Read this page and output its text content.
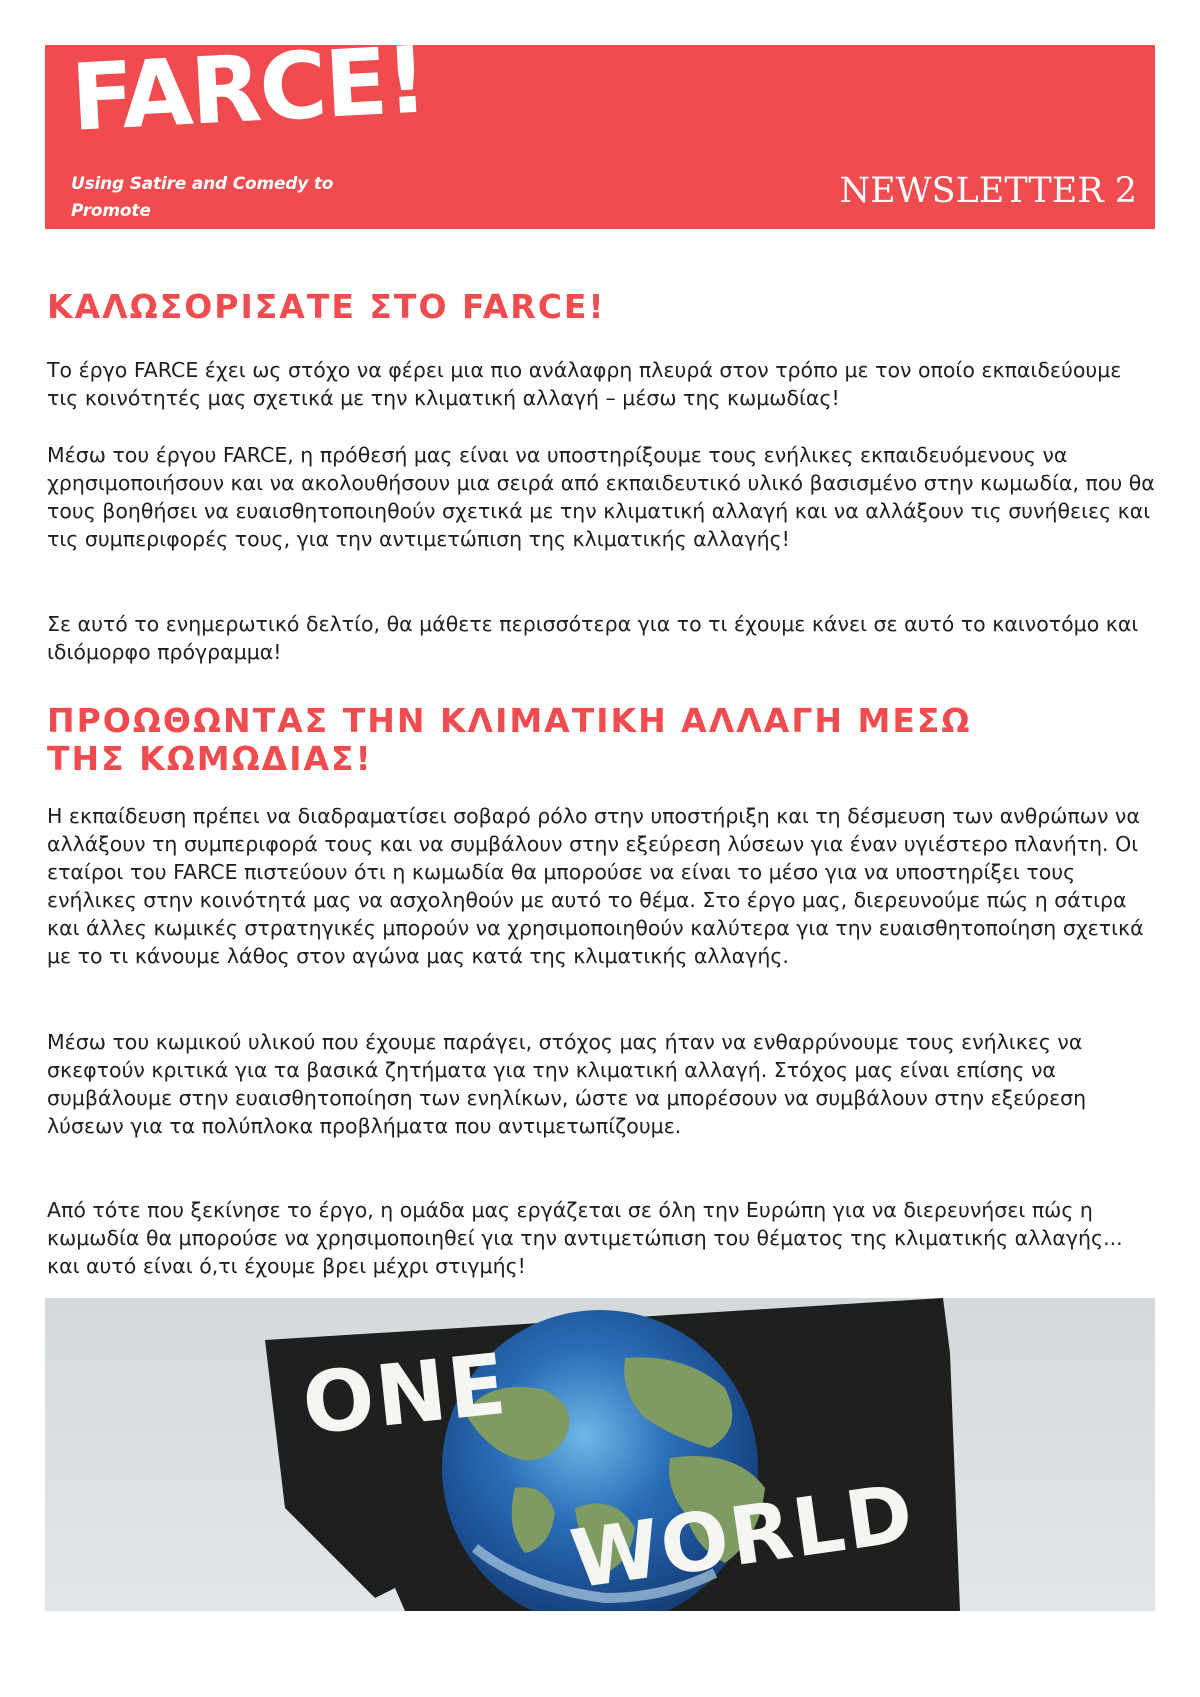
FARCE!
Using Satire and Comedy to Promote
Climate Change Awareness
NEWSLETTER 2
ΚΑΛΩΣΟΡΙΣΑΤΕ ΣΤΟ FARCE!

Το έργο FARCE έχει ως στόχο να φέρει μια πιο ανάλαφρη πλευρά στον τρόπο με τον οποίο εκπαιδεύουμε τις κοινότητές μας σχετικά με την κλιματική αλλαγή – μέσω της κωμωδίας!

Μέσω του έργου FARCE, η πρόθεσή μας είναι να υποστηρίξουμε τους ενήλικες εκπαιδευόμενους να χρησιμοποιήσουν και να ακολουθήσουν μια σειρά από εκπαιδευτικό υλικό βασισμένο στην κωμωδία, που θα τους βοηθήσει να ευαισθητοποιηθούν σχετικά με την κλιματική αλλαγή και να αλλάξουν τις συνήθειες και τις συμπεριφορές τους, για την αντιμετώπιση της κλιματικής αλλαγής!

Σε αυτό το ενημερωτικό δελτίο, θα μάθετε περισσότερα για το τι έχουμε κάνει σε αυτό το καινοτόμο και ιδιόμορφο πρόγραμμα!

ΠΡΟΩΘΩΝΤΑΣ ΤΗΝ ΚΛΙΜΑΤΙΚΗ ΑΛΛΑΓΗ ΜΕΣΩ ΤΗΣ ΚΩΜΩΔΙΑΣ!

Η εκπαίδευση πρέπει να διαδραματίσει σοβαρό ρόλο στην υποστήριξη και τη δέσμευση των ανθρώπων να αλλάξουν τη συμπεριφορά τους και να συμβάλουν στην εξεύρεση λύσεων για έναν υγιέστερο πλανήτη. Οι εταίροι του FARCE πιστεύουν ότι η κωμωδία θα μπορούσε να είναι το μέσο για να υποστηρίξει τους ενήλικες στην κοινότητά μας να ασχοληθούν με αυτό το θέμα. Στο έργο μας, διερευνούμε πώς η σάτιρα και άλλες κωμικές στρατηγικές μπορούν να χρησιμοποιηθούν καλύτερα για την ευαισθητοποίηση σχετικά με το τι κάνουμε λάθος στον αγώνα μας κατά της κλιματικής αλλαγής.

Μέσω του κωμικού υλικού που έχουμε παράγει, στόχος μας ήταν να ενθαρρύνουμε τους ενήλικες να σκεφτούν κριτικά για τα βασικά ζητήματα για την κλιματική αλλαγή. Στόχος μας είναι επίσης να συμβάλουμε στην ευαισθητοποίηση των ενηλίκων, ώστε να μπορέσουν να συμβάλουν στην εξεύρεση λύσεων για τα πολύπλοκα προβλήματα που αντιμετωπίζουμε.

Από τότε που ξεκίνησε το έργο, η ομάδα μας εργάζεται σε όλη την Ευρώπη για να διερευνήσει πώς η κωμωδία θα μπορούσε να χρησιμοποιηθεί για την αντιμετώπιση του θέματος της κλιματικής αλλαγής... και αυτό είναι ό,τι έχουμε βρει μέχρι στιγμής!

ONE
WORLD
